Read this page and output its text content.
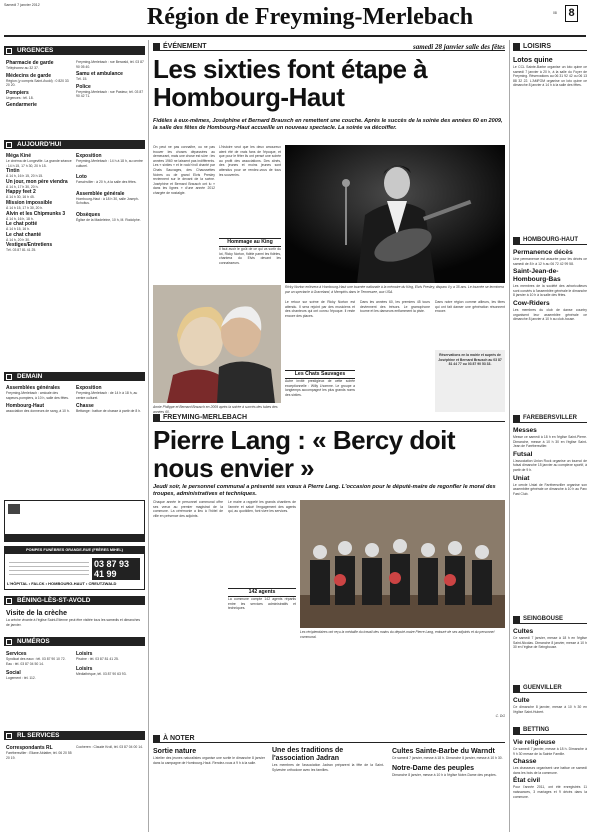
Samedi 7 janvier 2012	Région de Freyming-Merlebach	08	8
URGENCES
Pharmacie de garde
Téléphonez au 32 37.
Médecins de garde
Région (y compris Saint-Avold) : 0 820 33 20 20.
Pompiers
Urgences : tél. 18.
Gendarmerie
Freyming-Merlebach : rue Berwald, tél. 03 87 90 05 40.
Samu et ambulance
Tél. 15.
Police
Freyming-Merlebach : rue Pasteur, tél. 03 87 90 42 71.
AUJOURD'HUI
Méga Kiné
Le cinéma de Longeville. La grande séance : 14 h 15, 17 h 30, 20 h 15.
Tintin
À 14 h, 16 h 15, 20 h 15.
Un jour, mon père viendra
À 14 h, 17 h 30, 20 h.
Happy feet 2
À 14 h 30, 16 h 45.
Mission impossible
À 14 h 15, 17 h 30, 20 h.
Alvin et les Chipmunks 3
À 14 h, 16 h, 18 h.
Le chat potté
À 14 h 15, 16 h.
Le chat chanté
À 14 h, 20 h 30.
Vestiges/Entretiens
Tél. 03 87 81 41 25.
Exposition
Freyming-Merlebach : 14 h à 18 h, au centre culturel.
Loto
Farschviller : à 20 h, à la salle des fêtes.
Assemblée générale
Hombourg-Haut : à 18 h 30, salle Joseph-Scholtus.
Obsèques
Église de la Madeleine, 10 h, M. Rodolphe.
DEMAIN
Assemblées générales
Freyming-Merlebach : amicale des sapeurs-pompiers, à 10 h, salle des fêtes.
Hombourg-Haut
association des donneurs de sang, à 10 h.
Exposition
Freyming-Merlebach : de 14 h à 18 h, au centre culturel.
Chasse
Bettange : battue de chasse à partir de 8 h.
POMPES FUNÈBRES GRANDE-RUE (FRÈRES MIHEL)
03 87 93 41 99
L'HÔPITAL • FALCK • HOMBOURG-HAUT • CREUTZWALD
BÉNING-LÈS-ST-AVOLD
Visite de la crèche
La crèche vivante à l'église Saint-Etienne peut être visitée tous les samedis et dimanches de janvier.
NUMÉROS
Services
Syndicat des eaux : tél. 03 87 90 10 72. Eau : tél. 03 87 04 50 14.
Social
Logement : tél. 112.
Loisirs
Piscine : tél. 03 87 81 41 25.
Loisirs
Médiathèque, tél. 03 87 90 63 93.
RL SERVICES
Correspondants RL
Farébersviller : Eliane Ablatter, tél. 06 20 55 20 19.
Cocheren : Claude Kroll, tél. 03 87 04 00 14.
ÉVÉNEMENT	samedi 28 janvier salle des fêtes
Les sixties font étape à Hombourg-Haut
Fidèles à eux-mêmes, Joséphine et Bernard Brausch en remettent une couche. Après le succès de la soirée des années 60 en 2009, la salle des fêtes de Hombourg-Haut accueille un nouveau spectacle. La soirée va décoiffer.
On peut ne pas connaître, ou ne pas trouver les choses dépassées au demeurant, mais une chose est sûre : les années 1960 ne laissent pas indifférents. Les « sixties » et le rock'n'roll chanté par Chats Sauvages, des Chaussettes Noires ou de grand Elvis Presley reviennent sur le devant de la scène. Joséphine et Bernard Brausch ont lu « dans les lignes » d'une année 2012 chargée de nostalgie.
L'histoire veut que les deux amoureux aient été de vrais fans de l'époque, et que pour le fêter ils ont pensé une soirée au profit des associations. Des aînés, des jeunes et moins jeunes sont attendus pour ce rendez-vous de tous les souvenirs.
Hommage au King
Il faut avoir le goût de ce qui va sortir du lot, Ricky Norton, fidèle parmi les fidèles, chantera du Elvis devant les connaisseurs.
Ricky Norton enlèvera à Hombourg-Haut une tournée nationale à la mémoire du King, Elvis Presley, disparu il y a 35 ans. Le tournée se terminera par un spectacle à Graceland, à Memphis dans le Tennessee, aux USA.
Annie Philippe et Bernard Brausch en 2009 après la soirée à succès des tubes des années 60.
Le retour sur scène de Ricky Norton est attendu. Il sera rejoint par des musiciens et des chanteurs qui ont connu l'époque. Il reste encore des places.
Dans les années 60, les premiers 45 tours deviennent des trésors. Le gramophone tourne et les danseurs enflamment la piste.
Dans notre région comme ailleurs, les titres qui ont fait danser une génération résonnent encore.
Les Chats Sauvages
Autre invité prestigieux de cette soirée exceptionnelle : Willy Lhomme. Le groupe a longtemps accompagné les plus grands noms des sixties.
Réservations en la mairie et auprès de Joséphine et Bernard Brausch au 03 87 81 44 77 ou 03 87 90 53 33.
FREYMING-MERLEBACH
Pierre Lang : « Bercy doit nous envier »
Jeudi soir, le personnel communal a présenté ses vœux à Pierre Lang. L'occasion pour le député-maire de regonfler le moral des troupes, administratives et techniques.
Chaque année le personnel communal offre ses vœux au premier magistrat de la commune. La cérémonie a lieu à l'hôtel de ville en présence des adjoints.
Le maire a rappelé les grands chantiers de l'année et salué l'engagement des agents qui, au quotidien, font vivre les services.
142 agents
La commune compte 142 agents répartis entre les services administratifs et techniques.
Les récipiendaires ont reçu la médaille du travail des mains du député-maire Pierre Lang, entouré de ses adjoints et du personnel communal.
C. DG
À NOTER
Sortie nature
L'atelier des jeunes naturalistes organise une sortie le dimanche 8 janvier dans la campagne de Hombourg-Haut. Rendez-vous à 9 h à la salle.
Une des traditions de l'association Jadran
Les membres de l'association Jadran préparent la fête de la Saint-Sylvestre orthodoxe avec les familles.
Cultes Sainte-Barbe du Warndt
Ce samedi 7 janvier, messe à 18 h. Dimanche 8 janvier, messe à 10 h 30.
Notre-Dame des peuples
Dimanche 8 janvier, messe à 10 h à l'église Notre-Dame des peuples.
LOISIRS
Lotos quine
Le CCL Sainte-Barbe organise un loto quine ce samedi 7 janvier à 20 h, à la salle du Foyer de Freyming. Réservations au 06 31 92 42 ou 06 13 88 32 22. L'AMFOM organise un loto quine ce dimanche 8 janvier à 14 h à la salle des fêtes.
HOMBOURG-HAUT
Permanence décès
Une permanence est assurée pour les décès ce samedi de 8 h à 12 h au 06 72 42 99 58.
Saint-Jean-de-Hombourg-Bas
Les membres de la société des arboriculteurs sont conviés à l'assemblée générale le dimanche 8 janvier à 10 h à la salle des fêtes.
Cow-Riders
Les membres du club de danse country organisent leur assemblée générale ce dimanche 8 janvier à 10 h au club-house.
FAREBERSVILLER
Messes
Messe ce samedi à 18 h en l'église Saint-Pierre. Dimanche, messe à 10 h 30 en l'église Saint-Jean de Farébersviller.
Futsal
L'association Union Rock organise un tournoi de futsal dimanche 15 janvier au complexe sportif, à partir de 9 h.
Uniat
Le cercle Uniat de Farébersviller organise son assemblée générale ce dimanche à 10 h au Parc Fast Club.
SEINGBOUSE
Cultes
Ce samedi 7 janvier, messe à 18 h en l'église Saint-Nicolas. Dimanche 8 janvier, messe à 10 h 30 en l'église de Seingbouse.
GUENVILLER
Culte
Ce dimanche 8 janvier, messe à 10 h 30 en l'église Saint-Hubert.
BETTING
Vie religieuse
Ce samedi 7 janvier, messe à 18 h. Dimanche à 9 h 30 messe de la Sainte Famille.
Chasse
Les chasseurs organisent une battue ce samedi dans les bois de la commune.
État civil
Pour l'année 2011, ont été enregistrés 11 naissances, 3 mariages et 9 décès dans la commune.
